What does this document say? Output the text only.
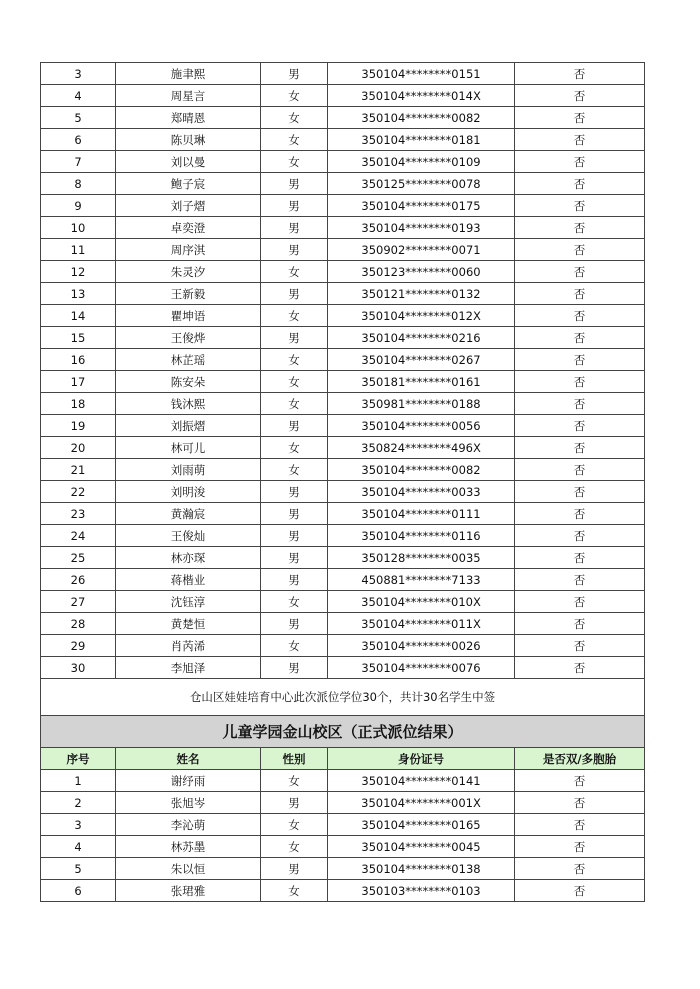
3	施聿熙	男	350104********0151	否
4	周星言	女	350104********014X	否
5	郑晴恩	女	350104********0082	否
6	陈贝琳	女	350104********0181	否
7	刘以曼	女	350104********0109	否
8	鲍子宸	男	350125********0078	否
9	刘子熠	男	350104********0175	否
10	卓奕澄	男	350104********0193	否
11	周序淇	男	350902********0071	否
12	朱灵汐	女	350123********0060	否
13	王新毅	男	350121********0132	否
14	瞿坤语	女	350104********012X	否
15	王俊烨	男	350104********0216	否
16	林芷瑶	女	350104********0267	否
17	陈安朵	女	350181********0161	否
18	钱沐熙	女	350981********0188	否
19	刘振熠	男	350104********0056	否
20	林可儿	女	350824********496X	否
21	刘雨萌	女	350104********0082	否
22	刘明浚	男	350104********0033	否
23	黄瀚宸	男	350104********0111	否
24	王俊灿	男	350104********0116	否
25	林亦琛	男	350128********0035	否
26	蒋楷业	男	450881********7133	否
27	沈钰淳	女	350104********010X	否
28	黄楚恒	男	350104********011X	否
29	肖芮浠	女	350104********0026	否
30	李旭泽	男	350104********0076	否
仓山区娃娃培育中心此次派位学位30个，共计30名学生中签				
儿童学园金山校区（正式派位结果）				
序号	姓名	性别	身份证号	是否双/多胞胎
1	谢纾雨	女	350104********0141	否
2	张旭岑	男	350104********001X	否
3	李沁萌	女	350104********0165	否
4	林苏墨	女	350104********0045	否
5	朱以恒	男	350104********0138	否
6	张珺雅	女	350103********0103	否
